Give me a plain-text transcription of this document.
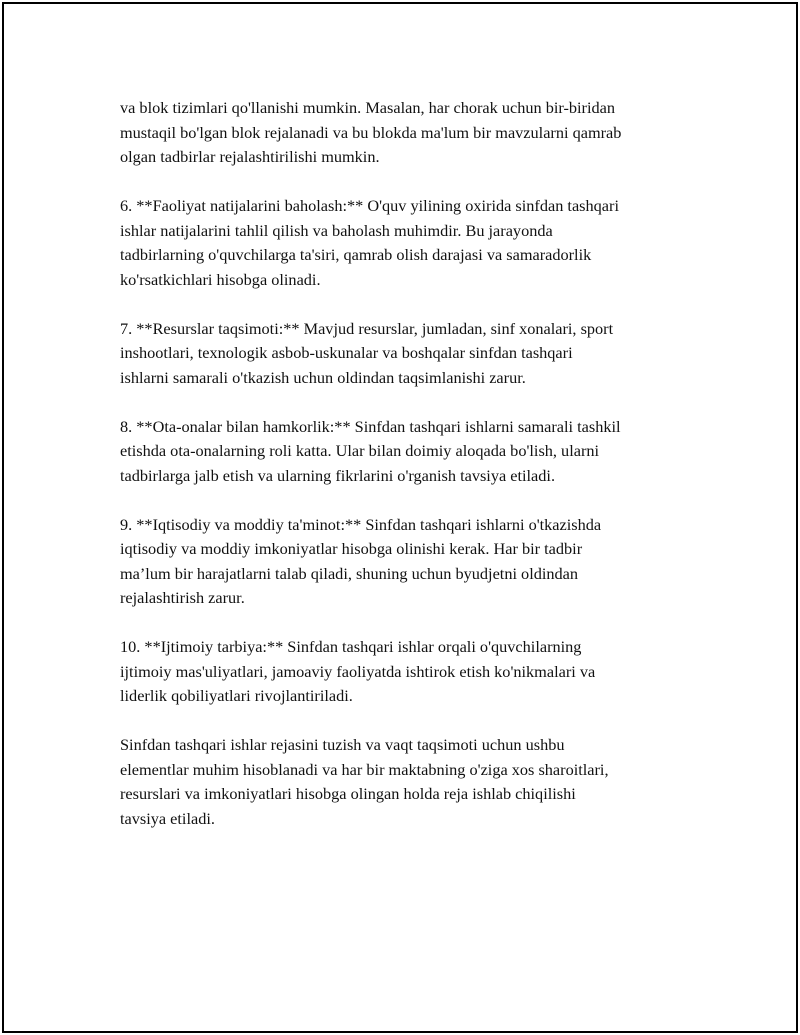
va blok tizimlari qo'llanishi mumkin. Masalan, har chorak uchun bir-biridan
mustaqil bo'lgan blok rejalanadi va bu blokda ma'lum bir mavzularni qamrab
olgan tadbirlar rejalashtirilishi mumkin.

6. **Faoliyat natijalarini baholash:** O'quv yilining oxirida sinfdan tashqari
ishlar natijalarini tahlil qilish va baholash muhimdir. Bu jarayonda
tadbirlarning o'quvchilarga ta'siri, qamrab olish darajasi va samaradorlik
ko'rsatkichlari hisobga olinadi.

7. **Resurslar taqsimoti:** Mavjud resurslar, jumladan, sinf xonalari, sport
inshootlari, texnologik asbob-uskunalar va boshqalar sinfdan tashqari
ishlarni samarali o'tkazish uchun oldindan taqsimlanishi zarur.

8. **Ota-onalar bilan hamkorlik:** Sinfdan tashqari ishlarni samarali tashkil
etishda ota-onalarning roli katta. Ular bilan doimiy aloqada bo'lish, ularni
tadbirlarga jalb etish va ularning fikrlarini o'rganish tavsiya etiladi.

9. **Iqtisodiy va moddiy ta'minot:** Sinfdan tashqari ishlarni o'tkazishda
iqtisodiy va moddiy imkoniyatlar hisobga olinishi kerak. Har bir tadbir
ma’lum bir harajatlarni talab qiladi, shuning uchun byudjetni oldindan
rejalashtirish zarur.

10. **Ijtimoiy tarbiya:** Sinfdan tashqari ishlar orqali o'quvchilarning
ijtimoiy mas'uliyatlari, jamoaviy faoliyatda ishtirok etish ko'nikmalari va
liderlik qobiliyatlari rivojlantiriladi.

Sinfdan tashqari ishlar rejasini tuzish va vaqt taqsimoti uchun ushbu
elementlar muhim hisoblanadi va har bir maktabning o'ziga xos sharoitlari,
resurslari va imkoniyatlari hisobga olingan holda reja ishlab chiqilishi
tavsiya etiladi.
